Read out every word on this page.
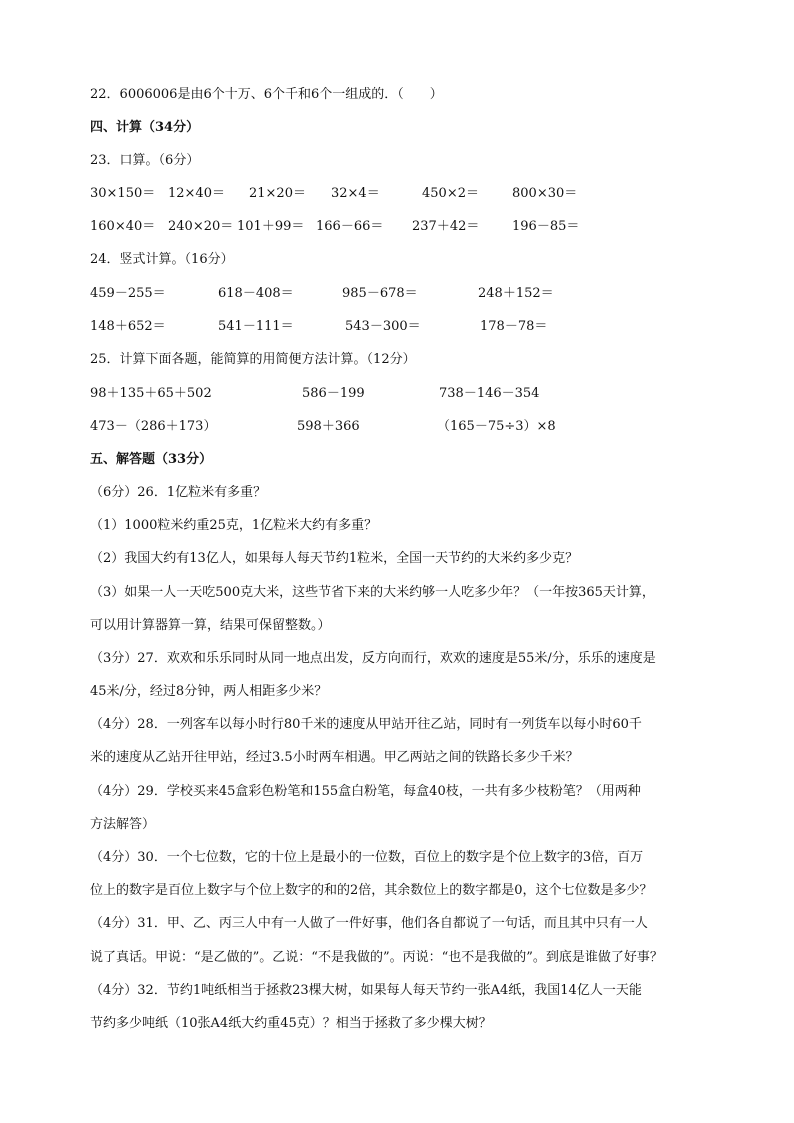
22．6006006是由6个十万、6个千和6个一组成的．（　　）
四、计算（34分）
23．口算。（6分）
30×150＝ 12×40＝ 21×20＝ 32×4＝	450×2＝	800×30＝
160×40＝ 240×20＝ 101＋99＝ 166－66＝ 237＋42＝	196－85＝
24．竖式计算。（16分）
459－255＝	618－408＝	985－678＝	248＋152＝
148＋652＝	541－111＝	543－300＝	178－78＝
25．计算下面各题，能简算的用简便方法计算。（12分）
98＋135＋65＋502	586－199	738－146－354
473－（286＋173）	598＋366	（165－75÷3）×8
五、解答题（33分）
（6分）26．1亿粒米有多重？
（1）1000粒米约重25克，1亿粒米大约有多重？
（2）我国大约有13亿人，如果每人每天节约1粒米，全国一天节约的大米约多少克？
（3）如果一人一天吃500克大米，这些节省下来的大米约够一人吃多少年？（一年按365天计算，
可以用计算器算一算，结果可保留整数。）
（3分）27．欢欢和乐乐同时从同一地点出发，反方向而行，欢欢的速度是55米/分，乐乐的速度是
45米/分，经过8分钟，两人相距多少米？
（4分）28．一列客车以每小时行80千米的速度从甲站开往乙站，同时有一列货车以每小时60千
米的速度从乙站开往甲站，经过3.5小时两车相遇。甲乙两站之间的铁路长多少千米？
（4分）29．学校买来45盒彩色粉笔和155盒白粉笔，每盒40枝，一共有多少枝粉笔？（用两种
方法解答）
（4分）30．一个七位数，它的十位上是最小的一位数，百位上的数字是个位上数字的3倍，百万
位上的数字是百位上数字与个位上数字的和的2倍，其余数位上的数字都是0，这个七位数是多少？
（4分）31．甲、乙、丙三人中有一人做了一件好事，他们各自都说了一句话，而且其中只有一人
说了真话。甲说：“是乙做的”。乙说：“不是我做的”。丙说：“也不是我做的”。到底是谁做了好事？
（4分）32．节约1吨纸相当于拯救23棵大树，如果每人每天节约一张A4纸，我国14亿人一天能
节约多少吨纸（10张A4纸大约重45克）？相当于拯救了多少棵大树？
